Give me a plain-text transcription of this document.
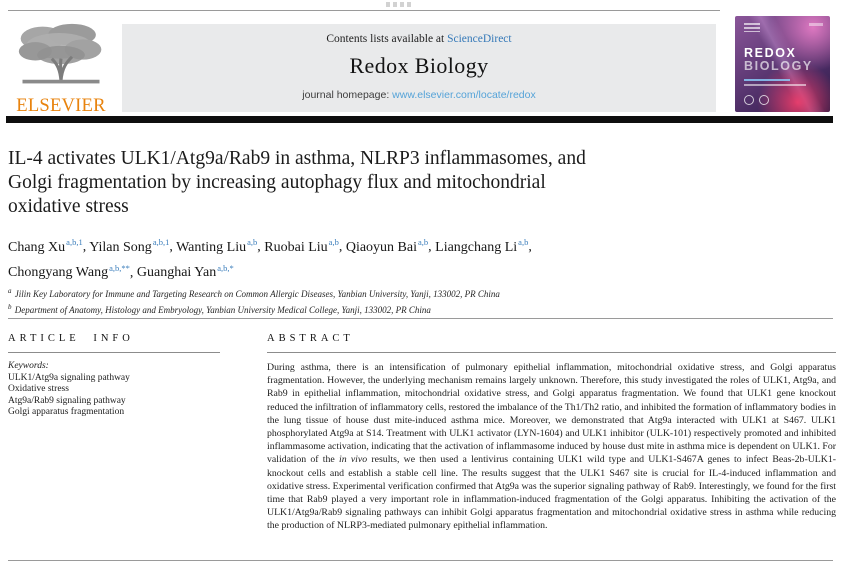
ELSEVIER
Contents lists available at ScienceDirect
Redox Biology
journal homepage: www.elsevier.com/locate/redox
REDOX
BIOLOGY
IL-4 activates ULK1/Atg9a/Rab9 in asthma, NLRP3 inflammasomes, and Golgi fragmentation by increasing autophagy flux and mitochondrial oxidative stress

Chang Xu$^{a,b,1}$, Yilan Song$^{a,b,1}$, Wanting Liu$^{a,b}$, Ruobai Liu$^{a,b}$, Qiaoyun Bai$^{a,b}$, Liangchang Li$^{a,b}$, Chongyang Wang$^{a,b,**}$, Guanghai Yan$^{a,b,*}$

$^a$ Jilin Key Laboratory for Immune and Targeting Research on Common Allergic Diseases, Yanbian University, Yanji, 133002, PR China
$^b$ Department of Anatomy, Histology and Embryology, Yanbian University Medical College, Yanji, 133002, PR China
ARTICLE INFO
Keywords:
ULK1/Atg9a signaling pathway
Oxidative stress
Atg9a/Rab9 signaling pathway
Golgi apparatus fragmentation
ABSTRACT

During asthma, there is an intensification of pulmonary epithelial inflammation, mitochondrial oxidative stress, and Golgi apparatus fragmentation. However, the underlying mechanism remains largely unknown. Therefore, this study investigated the roles of ULK1, Atg9a, and Rab9 in epithelial inflammation, mitochondrial oxidative stress, and Golgi apparatus fragmentation. We found that ULK1 gene knockout reduced the infiltration of inflammatory cells, restored the imbalance of the Th1/Th2 ratio, and inhibited the formation of inflammatory bodies in the lung tissue of house dust mite-induced asthma mice. Moreover, we demonstrated that Atg9a interacted with ULK1 at S467. ULK1 phosphorylated Atg9a at S14. Treatment with ULK1 activator (LYN-1604) and ULK1 inhibitor (ULK-101) respectively promoted and inhibited inflammasome activation, indicating that the activation of inflammasome induced by house dust mite in asthma mice is dependent on ULK1. For validation of the in vivo results, we then used a lentivirus containing ULK1 wild type and ULK1-S467A genes to infect Beas-2b-ULK1-knockout cells and establish a stable cell line. The results suggest that the ULK1 S467 site is crucial for IL-4-induced inflammation and oxidative stress. Experimental verification confirmed that Atg9a was the superior signaling pathway of Rab9. Interestingly, we found for the first time that Rab9 played a very important role in inflammation-induced fragmentation of the Golgi apparatus. Inhibiting the activation of the ULK1/Atg9a/Rab9 signaling pathways can inhibit Golgi apparatus fragmentation and mitochondrial oxidative stress in asthma while reducing the production of NLRP3-mediated pulmonary epithelial inflammation.
